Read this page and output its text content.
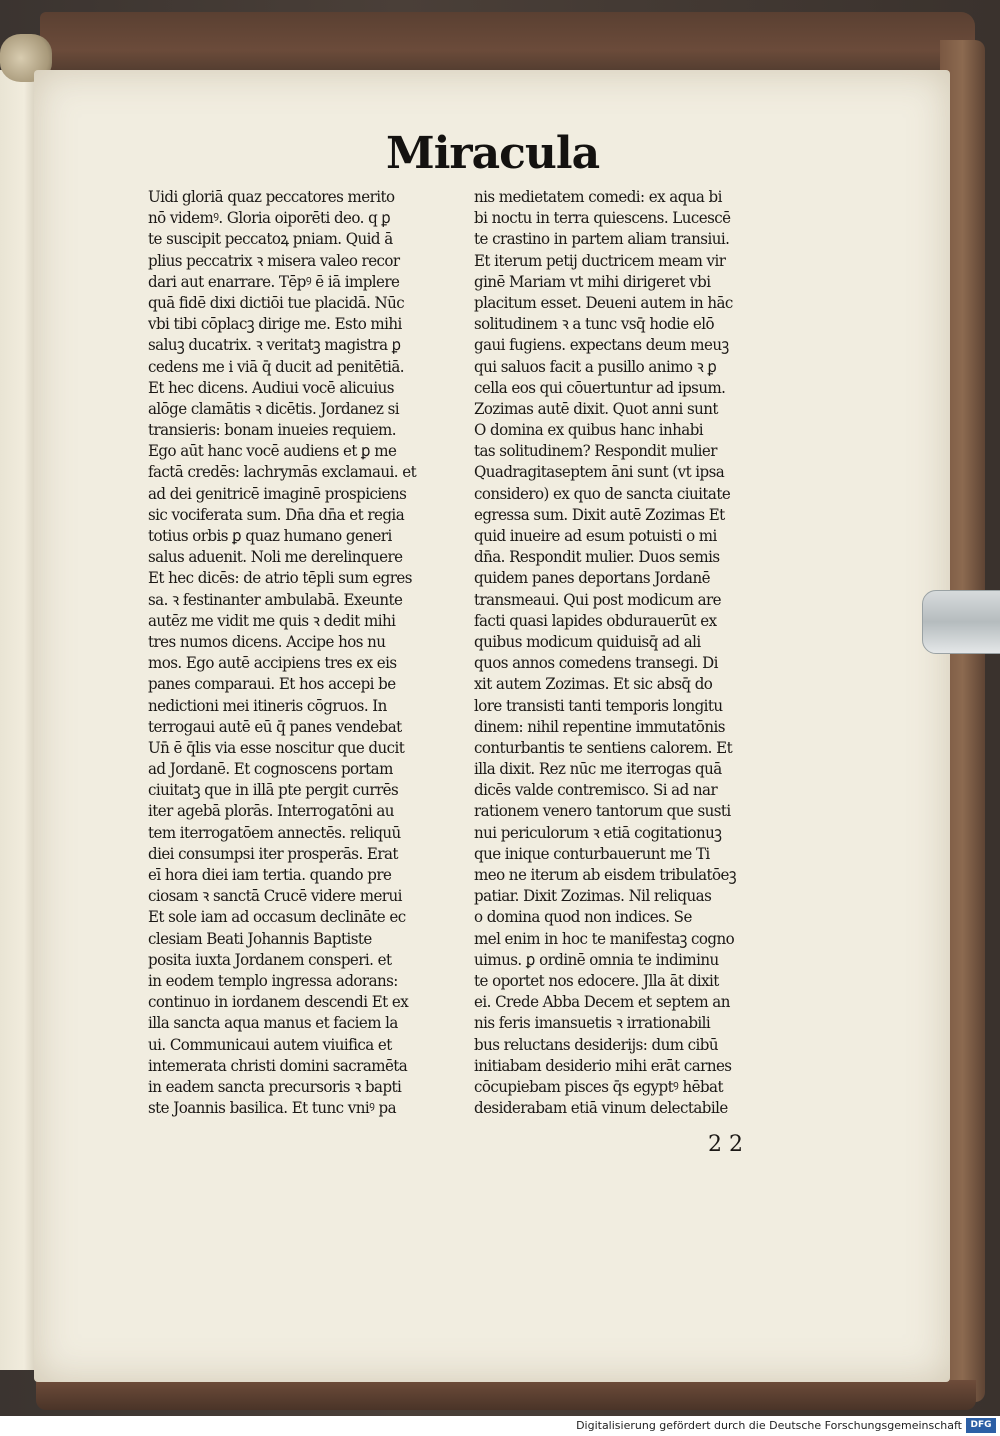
Miracula
Uidi gloriā quaz peccatores merito
nō videmꝰ. Gloria oiporēti deo. q ꝑ
te suscipit peccatoꝝ pniam. Quid ā
plius peccatrix ꝛ misera valeo recor
dari aut enarrare. Tēpꝰ ē iā implere
quā fidē dixi dictiōi tue placidā. Nūc
vbi tibi cōplacꝫ dirige me. Esto mihi
saluꝫ ducatrix. ꝛ veritatꝫ magistra ꝑ
cedens me i viā q̄ ducit ad penitētiā.
Et hec dicens. Audiui vocē alicuius
alōge clamātis ꝛ dicētis. Jordanez si
transieris: bonam inueies requiem.
Ego aūt hanc vocē audiens et ꝑ me
factā credēs: lachrymās exclamaui. et
ad dei genitricē imaginē prospiciens
sic vociferata sum. Dn̄a dn̄a et regia
totius orbis ꝑ quaz humano generi
salus aduenit. Noli me derelinquere
Et hec dicēs: de atrio tēpli sum egres
sa. ꝛ festinanter ambulabā. Exeunte
autēz me vidit me quis ꝛ dedit mihi
tres numos dicens. Accipe hos nu
mos. Ego autē accipiens tres ex eis
panes comparaui. Et hos accepi be
nedictioni mei itineris cōgruos. In
terrogaui autē eū q̄ panes vendebat
Un̄ ē q̄lis via esse noscitur que ducit
ad Jordanē. Et cognoscens portam
ciuitatꝫ que in illā pte pergit currēs
iter agebā plorās. Interrogatōni au
tem iterrogatōem annectēs. reliquū
diei consumpsi iter prosperās. Erat
eī hora diei iam tertia. quando pre
ciosam ꝛ sanctā Crucē videre merui
Et sole iam ad occasum declināte ec
clesiam Beati Johannis Baptiste
posita iuxta Jordanem consperi. et
in eodem templo ingressa adorans:
continuo in iordanem descendi Et ex
illa sancta aqua manus et faciem la
ui. Communicaui autem viuifica et
intemerata christi domini sacramēta
in eadem sancta precursoris ꝛ bapti
ste Joannis basilica. Et tunc vniꝰ pa
nis medietatem comedi: ex aqua bi
bi noctu in terra quiescens. Lucescē
te crastino in partem aliam transiui.
Et iterum petij ductricem meam vir
ginē Mariam vt mihi dirigeret vbi
placitum esset. Deueni autem in hāc
solitudinem ꝛ a tunc vsq̄ hodie elō
gaui fugiens. expectans deum meuꝫ
qui saluos facit a pusillo animo ꝛ ꝑ
cella eos qui cōuertuntur ad ipsum.
Zozimas autē dixit. Quot anni sunt
O domina ex quibus hanc inhabi
tas solitudinem? Respondit mulier
Quadragitaseptem āni sunt (vt ipsa
considero) ex quo de sancta ciuitate
egressa sum. Dixit autē Zozimas Et
quid inueire ad esum potuisti o mi
dn̄a. Respondit mulier. Duos semis
quidem panes deportans Jordanē
transmeaui. Qui post modicum are
facti quasi lapides obdurauerūt ex
quibus modicum quiduisq̄ ad ali
quos annos comedens transegi. Di
xit autem Zozimas. Et sic absq̄ do
lore transisti tanti temporis longitu
dinem: nihil repentine immutatōnis
conturbantis te sentiens calorem. Et
illa dixit. Rez nūc me iterrogas quā
dicēs valde contremisco. Si ad nar
rationem venero tantorum que susti
nui periculorum ꝛ etiā cogitationuꝫ
que inique conturbauerunt me Ti
meo ne iterum ab eisdem tribulatōeꝫ
patiar. Dixit Zozimas. Nil reliquas
o domina quod non indices. Se
mel enim in hoc te manifestaꝫ cogno
uimus. ꝑ ordinē omnia te indiminu
te oportet nos edocere. Jlla āt dixit
ei. Crede Abba Decem et septem an
nis feris imansuetis ꝛ irrationabili
bus reluctans desiderijs: dum cibū
initiabam desiderio mihi erāt carnes
cōcupiebam pisces q̄s egyptꝰ hēbat
desiderabam etiā vinum delectabile
2 2
Digitalisierung gefördert durch die Deutsche Forschungsgemeinschaft DFG
